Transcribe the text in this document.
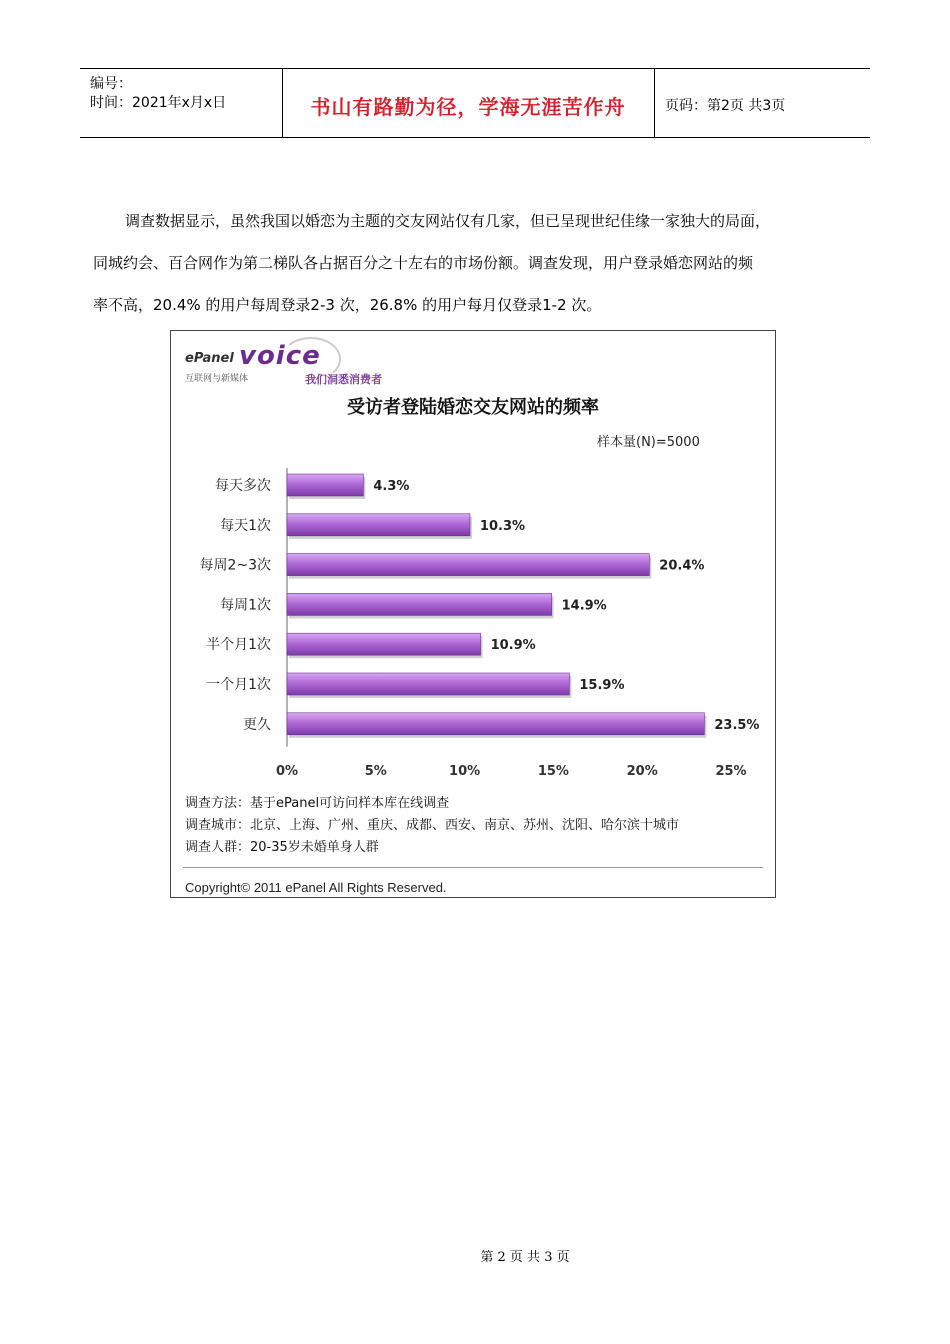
编号：
时间：2021年x月x日	书山有路勤为径，学海无涯苦作舟	页码：第2页 共3页
调查数据显示，虽然我国以婚恋为主题的交友网站仅有几家，但已呈现世纪佳缘一家独大的局面，
同城约会、百合网作为第二梯队各占据百分之十左右的市场份额。调查发现，用户登录婚恋网站的频
率不高，20.4% 的用户每周登录2-3 次，26.8% 的用户每月仅登录1-2 次。
ePanel voice
互联网与新媒体	我们洞悉消费者
受访者登陆婚恋交友网站的频率
样本量(N)=5000
每天多次	4.3%
每天1次	10.3%
每周2~3次	20.4%
每周1次	14.9%
半个月1次	10.9%
一个月1次	15.9%
更久	23.5%
0%	5%	10%	15%	20%	25%
调查方法：基于ePanel可访问样本库在线调查
调查城市：北京、上海、广州、重庆、成都、西安、南京、苏州、沈阳、哈尔滨十城市
调查人群：20-35岁未婚单身人群
Copyright© 2011 ePanel All Rights Reserved.
第 2 页 共 3 页
